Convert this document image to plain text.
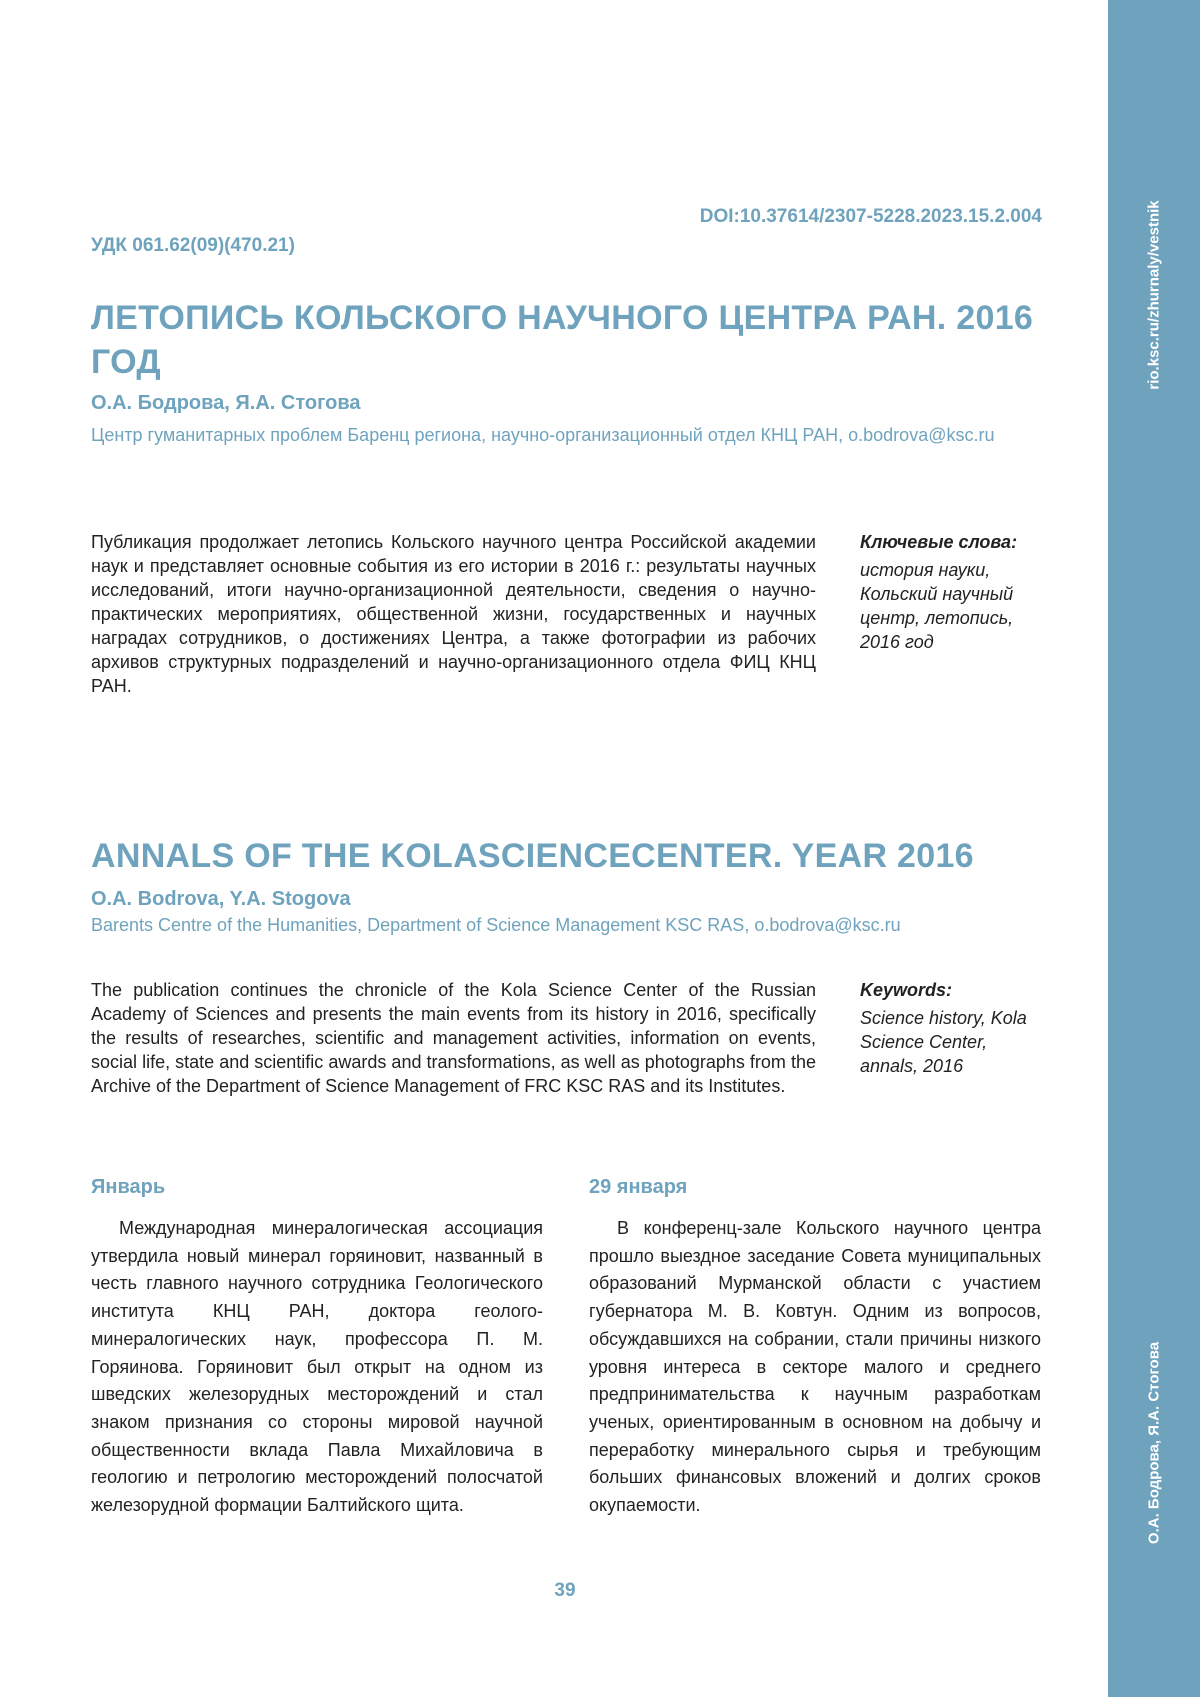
rio.ksc.ru/zhurnaly/vestnik
О.А. Бодрова, Я.А. Стогова
DOI:10.37614/2307-5228.2023.15.2.004
УДК 061.62(09)(470.21)
ЛЕТОПИСЬ КОЛЬСКОГО НАУЧНОГО ЦЕНТРА РАН. 2016 ГОД
О.А. Бодрова, Я.А. Стогова
Центр гуманитарных проблем Баренц региона, научно-организационный отдел КНЦ РАН, o.bodrova@ksc.ru

Публикация продолжает летопись Кольского научного центра Российской академии наук и представляет основные события из его истории в 2016 г.: результаты научных исследований, итоги научно-организационной деятельности, сведения о научно-практических мероприятиях, общественной жизни, государственных и научных наградах сотрудников, о достижениях Центра, а также фотографии из рабочих архивов структурных подразделений и научно-организационного отдела ФИЦ КНЦ РАН.

Ключевые слова:
история науки, Кольский научный центр, летопись, 2016 год
ANNALS OF THE KOLASCIENCECENTER. YEAR 2016
O.A. Bodrova, Y.A. Stogova
Barents Centre of the Humanities, Department of Science Management KSC RAS, o.bodrova@ksc.ru

The publication continues the chronicle of the Kola Science Center of the Russian Academy of Sciences and presents the main events from its history in 2016, specifically the results of researches, scientific and management activities, information on events, social life, state and scientific awards and transformations, as well as photographs from the Archive of the Department of Science Management of FRC KSC RAS and its Institutes.

Keywords:
Science history, Kola Science Center, annals, 2016
Январь

Международная минералогическая ассоциация утвердила новый минерал горяиновит, названный в честь главного научного сотрудника Геологического института КНЦ РАН, доктора геолого-минералогических наук, профессора П. М. Горяинова. Горяиновит был открыт на одном из шведских железорудных месторождений и стал знаком признания со стороны мировой научной общественности вклада Павла Михайловича в геологию и петрологию месторождений полосчатой железорудной формации Балтийского щита.

29 января

В конференц-зале Кольского научного центра прошло выездное заседание Совета муниципальных образований Мурманской области с участием губернатора М. В. Ковтун. Одним из вопросов, обсуждавшихся на собрании, стали причины низкого уровня интереса в секторе малого и среднего предпринимательства к научным разработкам ученых, ориентированным в основном на добычу и переработку минерального сырья и требующим больших финансовых вложений и долгих сроков окупаемости.

39
